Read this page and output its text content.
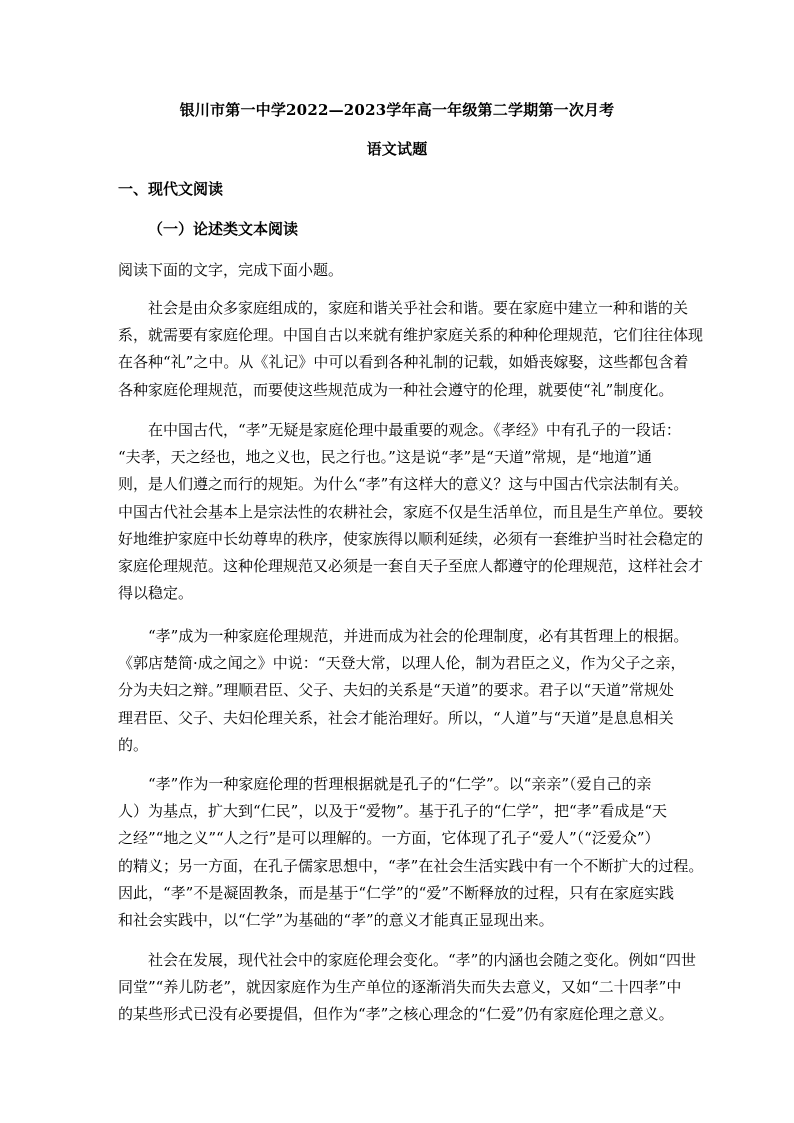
银川市第一中学2022—2023学年高一年级第二学期第一次月考
语文试题
一、现代文阅读
（一）论述类文本阅读
阅读下面的文字，完成下面小题。
　　社会是由众多家庭组成的，家庭和谐关乎社会和谐。要在家庭中建立一种和谐的关
系，就需要有家庭伦理。中国自古以来就有维护家庭关系的种种伦理规范，它们往往体现
在各种“礼”之中。从《礼记》中可以看到各种礼制的记载，如婚丧嫁娶，这些都包含着
各种家庭伦理规范，而要使这些规范成为一种社会遵守的伦理，就要使“礼”制度化。
　　在中国古代，“孝”无疑是家庭伦理中最重要的观念。《孝经》中有孔子的一段话：
“夫孝，天之经也，地之义也，民之行也。”这是说“孝”是“天道”常规，是“地道”通
则，是人们遵之而行的规矩。为什么“孝”有这样大的意义？这与中国古代宗法制有关。
中国古代社会基本上是宗法性的农耕社会，家庭不仅是生活单位，而且是生产单位。要较
好地维护家庭中长幼尊卑的秩序，使家族得以顺利延续，必须有一套维护当时社会稳定的
家庭伦理规范。这种伦理规范又必须是一套自天子至庶人都遵守的伦理规范，这样社会才
得以稳定。
　　“孝”成为一种家庭伦理规范，并进而成为社会的伦理制度，必有其哲理上的根据。
《郭店楚简·成之闻之》中说：“天登大常，以理人伦，制为君臣之义，作为父子之亲，
分为夫妇之辩。”理顺君臣、父子、夫妇的关系是“天道”的要求。君子以“天道”常规处
理君臣、父子、夫妇伦理关系，社会才能治理好。所以，“人道”与“天道”是息息相关
的。
　　“孝”作为一种家庭伦理的哲理根据就是孔子的“仁学”。以“亲亲”（爱自己的亲
人）为基点，扩大到“仁民”，以及于“爱物”。基于孔子的“仁学”，把“孝”看成是“天
之经”“地之义”“人之行”是可以理解的。一方面，它体现了孔子“爱人”（“泛爱众”）
的精义；另一方面，在孔子儒家思想中，“孝”在社会生活实践中有一个不断扩大的过程。
因此，“孝”不是凝固教条，而是基于“仁学”的“爱”不断释放的过程，只有在家庭实践
和社会实践中，以“仁学”为基础的“孝”的意义才能真正显现出来。
　　社会在发展，现代社会中的家庭伦理会变化。“孝”的内涵也会随之变化。例如“四世
同堂”“养儿防老”，就因家庭作为生产单位的逐渐消失而失去意义，又如“二十四孝”中
的某些形式已没有必要提倡，但作为“孝”之核心理念的“仁爱”仍有家庭伦理之意义。
